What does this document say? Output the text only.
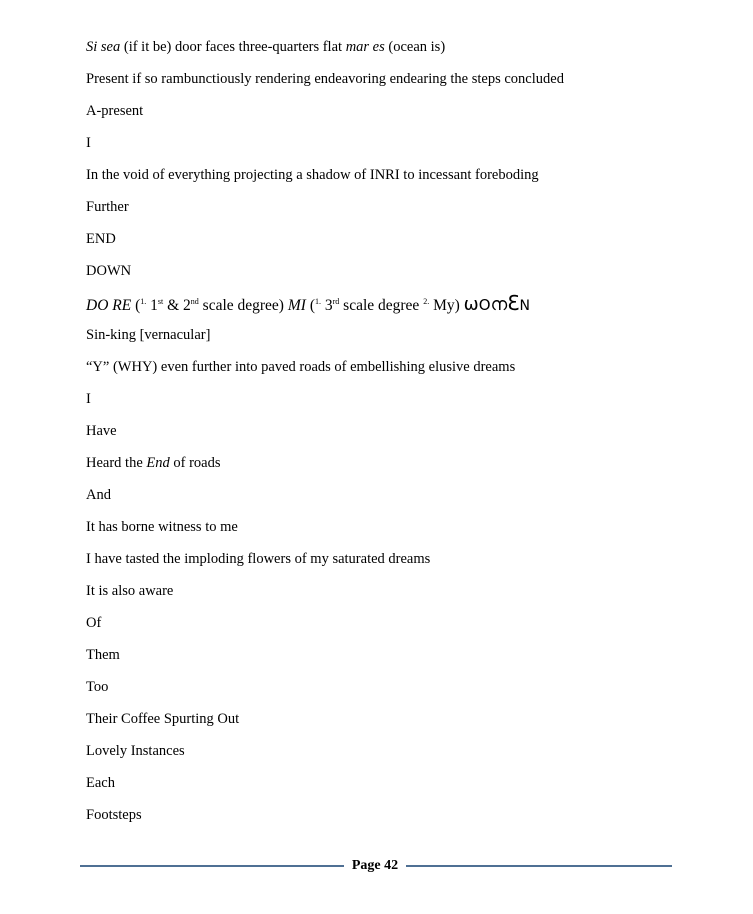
Si sea (if it be) door faces three-quarters flat mar es (ocean is)
Present if so rambunctiously rendering endeavoring endearing the steps concluded
A-present
I
In the void of everything projecting a shadow of INRI to incessant foreboding
Further
END
DOWN
DO RE ($^{1.}$ 1st & 2nd scale degree) MI ($^{1.}$ 3rd scale degree $^{2.}$ My) ωOനꜪN
Sin-king [vernacular]
“Y” (WHY) even further into paved roads of embellishing elusive dreams
I
Have
Heard the End of roads
And
It has borne witness to me
I have tasted the imploding flowers of my saturated dreams
It is also aware
Of
Them
Too
Their Coffee Spurting Out
Lovely Instances
Each
Footsteps
Page 42
